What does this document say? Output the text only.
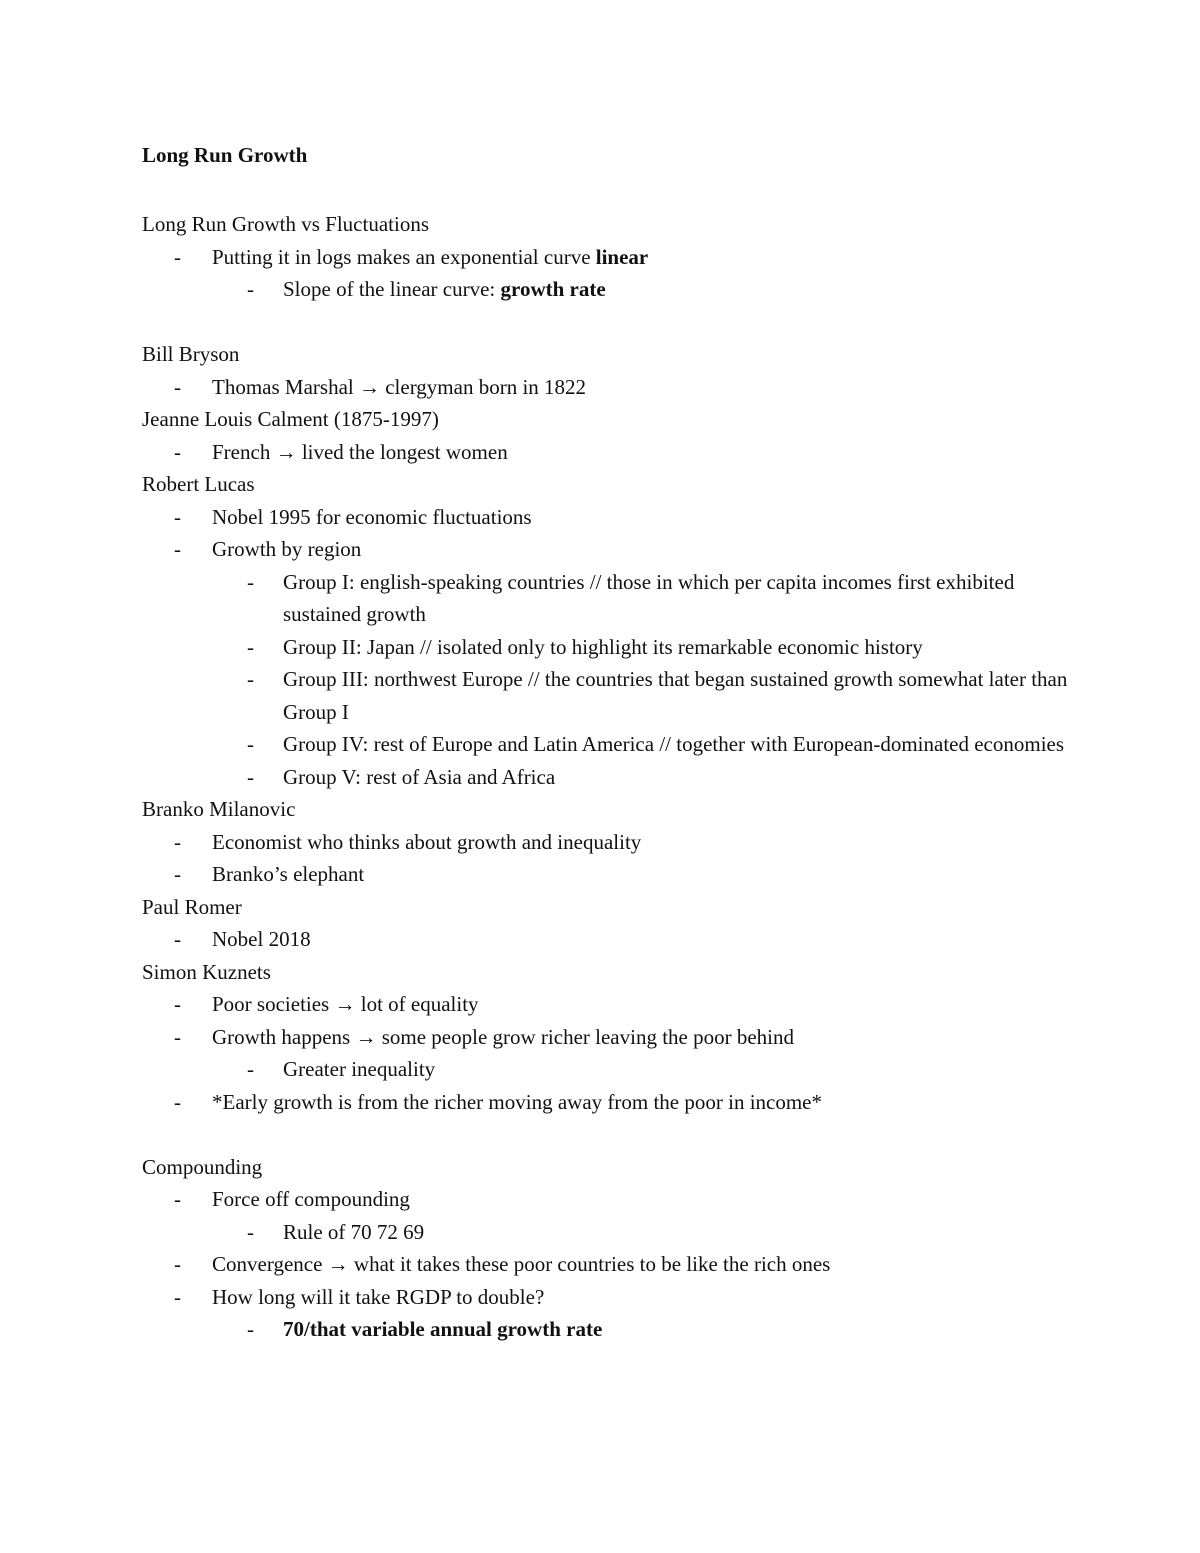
Long Run Growth
Long Run Growth vs Fluctuations
- Putting it in logs makes an exponential curve linear
- Slope of the linear curve: growth rate
Bill Bryson
- Thomas Marshal → clergyman born in 1822
Jeanne Louis Calment (1875-1997)
- French → lived the longest women
Robert Lucas
- Nobel 1995 for economic fluctuations
- Growth by region
- Group I: english-speaking countries // those in which per capita incomes first exhibited sustained growth
- Group II: Japan // isolated only to highlight its remarkable economic history
- Group III: northwest Europe // the countries that began sustained growth somewhat later than Group I
- Group IV: rest of Europe and Latin America // together with European-dominated economies
- Group V: rest of Asia and Africa
Branko Milanovic
- Economist who thinks about growth and inequality
- Branko’s elephant
Paul Romer
- Nobel 2018
Simon Kuznets
- Poor societies → lot of equality
- Growth happens → some people grow richer leaving the poor behind
- Greater inequality
- *Early growth is from the richer moving away from the poor in income*
Compounding
- Force off compounding
- Rule of 70 72 69
- Convergence → what it takes these poor countries to be like the rich ones
- How long will it take RGDP to double?
- 70/that variable annual growth rate
